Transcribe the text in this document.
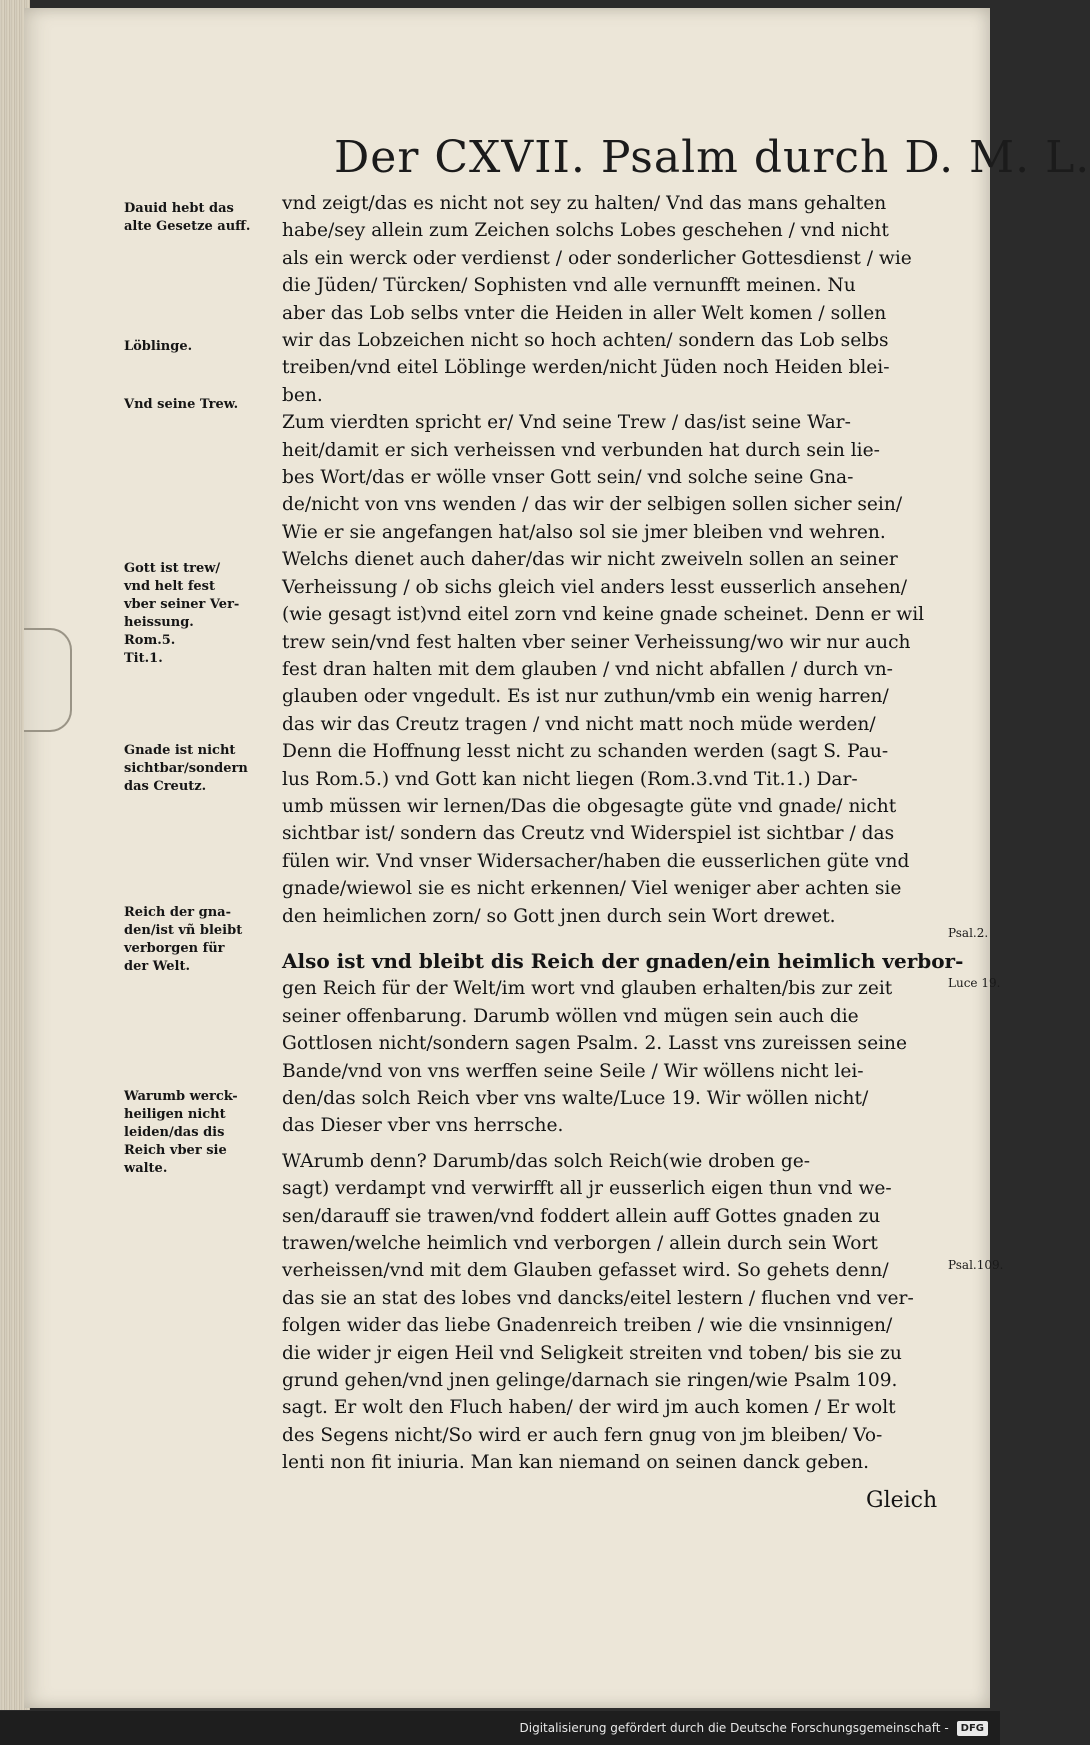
Der CXVII. Psalm durch D. M. L.
vnd zeigt/das es nicht not sey zu halten/ Vnd das mans gehalten
habe/sey allein zum Zeichen solchs Lobes geschehen / vnd nicht
als ein werck oder verdienst / oder sonderlicher Gottesdienst / wie
die Jüden/ Türcken/ Sophisten vnd alle vernunfft meinen. Nu
aber das Lob selbs vnter die Heiden in aller Welt komen / sollen
wir das Lobzeichen nicht so hoch achten/ sondern das Lob selbs
treiben/vnd eitel Löblinge werden/nicht Jüden noch Heiden blei-
ben.
Zum vierdten spricht er/ Vnd seine Trew / das/ist seine War-
heit/damit er sich verheissen vnd verbunden hat durch sein lie-
bes Wort/das er wölle vnser Gott sein/ vnd solche seine Gna-
de/nicht von vns wenden / das wir der selbigen sollen sicher sein/
Wie er sie angefangen hat/also sol sie jmer bleiben vnd wehren.
Welchs dienet auch daher/das wir nicht zweiveln sollen an seiner
Verheissung / ob sichs gleich viel anders lesst eusserlich ansehen/
(wie gesagt ist)vnd eitel zorn vnd keine gnade scheinet. Denn er wil
trew sein/vnd fest halten vber seiner Verheissung/wo wir nur auch
fest dran halten mit dem glauben / vnd nicht abfallen / durch vn-
glauben oder vngedult. Es ist nur zuthun/vmb ein wenig harren/
das wir das Creutz tragen / vnd nicht matt noch müde werden/
Denn die Hoffnung lesst nicht zu schanden werden (sagt S. Pau-
lus Rom.5.) vnd Gott kan nicht liegen (Rom.3.vnd Tit.1.) Dar-
umb müssen wir lernen/Das die obgesagte güte vnd gnade/ nicht
sichtbar ist/ sondern das Creutz vnd Widerspiel ist sichtbar / das
fülen wir. Vnd vnser Widersacher/haben die eusserlichen güte vnd
gnade/wiewol sie es nicht erkennen/ Viel weniger aber achten sie
den heimlichen zorn/ so Gott jnen durch sein Wort drewet.
Also ist vnd bleibt dis Reich der gnaden/ein heimlich verbor-
gen Reich für der Welt/im wort vnd glauben erhalten/bis zur zeit
seiner offenbarung. Darumb wöllen vnd mügen sein auch die
Gottlosen nicht/sondern sagen Psalm. 2. Lasst vns zureissen seine
Bande/vnd von vns werffen seine Seile / Wir wöllens nicht lei-
den/das solch Reich vber vns walte/Luce 19. Wir wöllen nicht/
das Dieser vber vns herrsche.
WArumb denn? Darumb/das solch Reich(wie droben ge-
sagt) verdampt vnd verwirfft all jr eusserlich eigen thun vnd we-
sen/darauff sie trawen/vnd foddert allein auff Gottes gnaden zu
trawen/welche heimlich vnd verborgen / allein durch sein Wort
verheissen/vnd mit dem Glauben gefasset wird. So gehets denn/
das sie an stat des lobes vnd dancks/eitel lestern / fluchen vnd ver-
folgen wider das liebe Gnadenreich treiben / wie die vnsinnigen/
die wider jr eigen Heil vnd Seligkeit streiten vnd toben/ bis sie zu
grund gehen/vnd jnen gelinge/darnach sie ringen/wie Psalm 109.
sagt. Er wolt den Fluch haben/ der wird jm auch komen / Er wolt
des Segens nicht/So wird er auch fern gnug von jm bleiben/ Vo-
lenti non fit iniuria. Man kan niemand on seinen danck geben.
Dauid hebt das
alte Gesetze auff.
Löblinge.
Vnd seine Trew.
Gott ist trew/
vnd helt fest
vber seiner Ver-
heissung.
Rom.5.
Tit.1.
Gnade ist nicht
sichtbar/sondern
das Creutz.
Reich der gna-
den/ist vñ bleibt
verborgen für
der Welt.
Warumb werck-
heiligen nicht
leiden/das dis
Reich vber sie
walte.
Psal.2.
Luce 19.
Psal.109.
Gleich
Digitalisierung gefördert durch die Deutsche Forschungsgemeinschaft -	DFG
